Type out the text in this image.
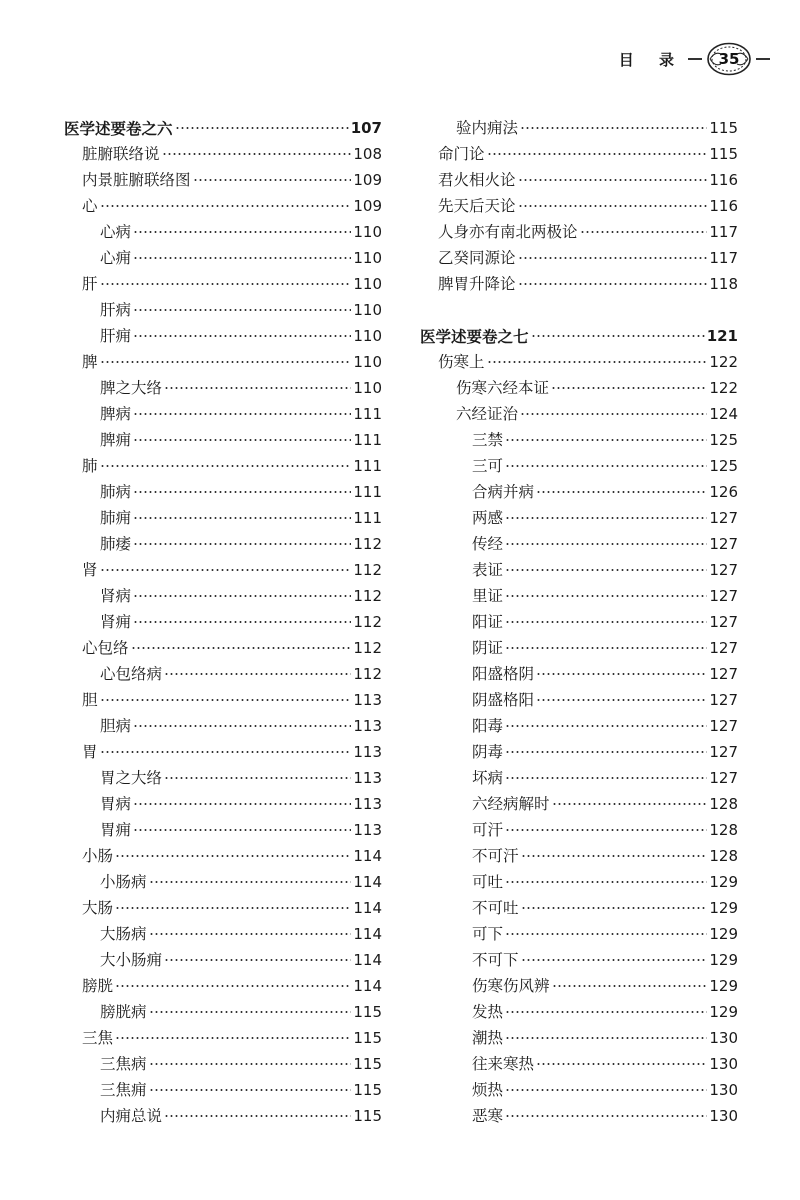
目 录 35
医学述要卷之六	107
脏腑联络说	108
内景脏腑联络图	109
心	109
心病	110
心痈	110
肝	110
肝病	110
肝痈	110
脾	110
脾之大络	110
脾病	111
脾痈	111
肺	111
肺病	111
肺痈	111
肺痿	112
肾	112
肾病	112
肾痈	112
心包络	112
心包络病	112
胆	113
胆病	113
胃	113
胃之大络	113
胃病	113
胃痈	113
小肠	114
小肠病	114
大肠	114
大肠病	114
大小肠痈	114
膀胱	114
膀胱病	115
三焦	115
三焦病	115
三焦痈	115
内痈总说	115
验内痈法	115
命门论	115
君火相火论	116
先天后天论	116
人身亦有南北两极论	117
乙癸同源论	117
脾胃升降论	118
医学述要卷之七	121
伤寒上	122
伤寒六经本证	122
六经证治	124
三禁	125
三可	125
合病并病	126
两感	127
传经	127
表证	127
里证	127
阳证	127
阴证	127
阳盛格阴	127
阴盛格阳	127
阳毒	127
阴毒	127
坏病	127
六经病解时	128
可汗	128
不可汗	128
可吐	129
不可吐	129
可下	129
不可下	129
伤寒伤风辨	129
发热	129
潮热	130
往来寒热	130
烦热	130
恶寒	130
